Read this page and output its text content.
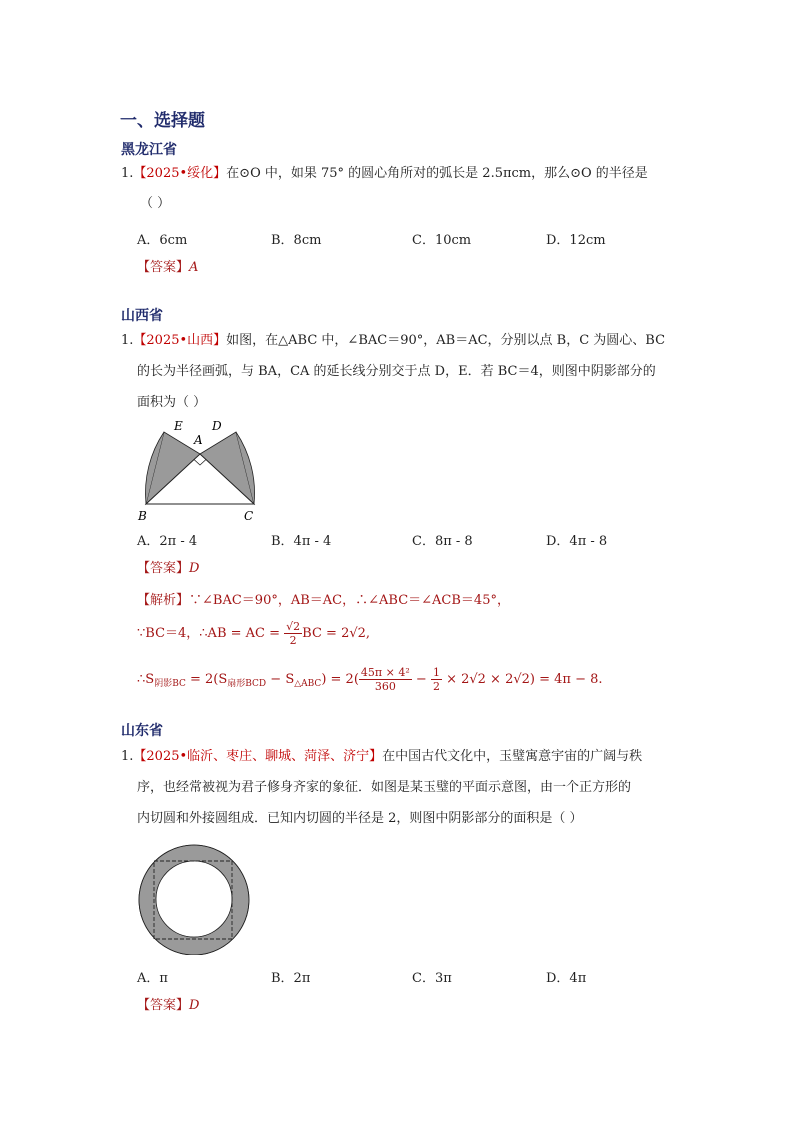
一、选择题
黑龙江省
1.【2025•绥化】在⊙O 中，如果 75° 的圆心角所对的弧长是 2.5πcm，那么⊙O 的半径是
（ ）
A．6cm	B．8cm	C．10cm	D．12cm
【答案】A
山西省
1.【2025•山西】如图，在△ABC 中，∠BAC＝90°，AB＝AC，分别以点 B，C 为圆心、BC
的长为半径画弧，与 BA，CA 的延长线分别交于点 D，E．若 BC＝4，则图中阴影部分的
面积为（ ）
E
A
D
B	C
A．2π - 4	B．4π - 4	C．8π - 8	D．4π - 8
【答案】D
【解析】∵∠BAC＝90°，AB＝AC，∴∠ABC＝∠ACB＝45°，
∵BC＝4，∴AB = AC = $\frac{√2}{2}$ BC = 2√2,
$\therefore S_{阴影BC} = 2(S_{扇形BCD} - S_{\triangle ABC}) = 2( \frac{\text{45π × 4²}}{360} - \frac{1}{2} \times 2√2 \times 2√2) = 4\pi - 8$.
山东省
1.【2025•临沂、枣庄、聊城、菏泽、济宁】在中国古代文化中，玉璧寓意宇宙的广阔与秩
序，也经常被视为君子修身齐家的象征．如图是某玉璧的平面示意图，由一个正方形的
内切圆和外接圆组成．已知内切圆的半径是 2，则图中阴影部分的面积是（ ）
A．π	B．2π	C．3π	D．4π
【答案】D
